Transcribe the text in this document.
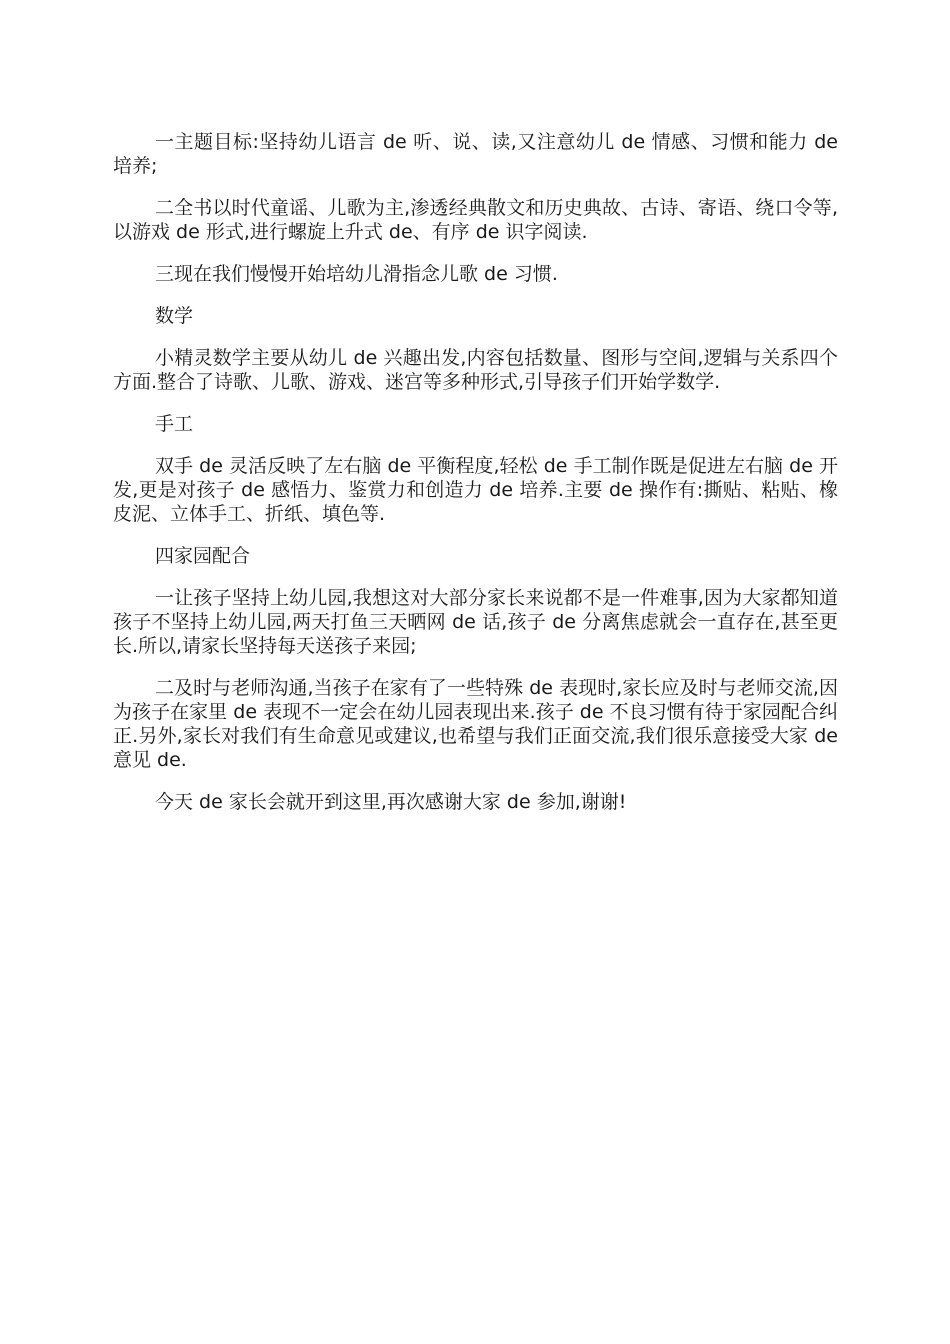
一主题目标:坚持幼儿语言 de 听、说、读,又注意幼儿 de 情感、习惯和能力 de 培养;

二全书以时代童谣、儿歌为主,渗透经典散文和历史典故、古诗、寄语、绕口令等,以游戏 de 形式,进行螺旋上升式 de、有序 de 识字阅读.

三现在我们慢慢开始培幼儿滑指念儿歌 de 习惯.

数学

小精灵数学主要从幼儿 de 兴趣出发,内容包括数量、图形与空间,逻辑与关系四个方面.整合了诗歌、儿歌、游戏、迷宫等多种形式,引导孩子们开始学数学.

手工

双手 de 灵活反映了左右脑 de 平衡程度,轻松 de 手工制作既是促进左右脑 de 开发,更是对孩子 de 感悟力、鉴赏力和创造力 de 培养.主要 de 操作有:撕贴、粘贴、橡皮泥、立体手工、折纸、填色等.

四家园配合

一让孩子坚持上幼儿园,我想这对大部分家长来说都不是一件难事,因为大家都知道孩子不坚持上幼儿园,两天打鱼三天晒网 de 话,孩子 de 分离焦虑就会一直存在,甚至更长.所以,请家长坚持每天送孩子来园;

二及时与老师沟通,当孩子在家有了一些特殊 de 表现时,家长应及时与老师交流,因为孩子在家里 de 表现不一定会在幼儿园表现出来.孩子 de 不良习惯有待于家园配合纠正.另外,家长对我们有生命意见或建议,也希望与我们正面交流,我们很乐意接受大家 de 意见 de.

今天 de 家长会就开到这里,再次感谢大家 de 参加,谢谢!
